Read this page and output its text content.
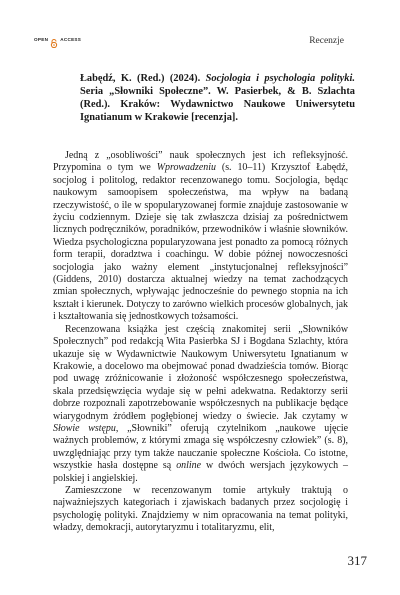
OPEN	ACCESS	Recenzje
Łabędź, K. (Red.) (2024). Socjologia i psychologia polityki. Seria „Słowniki Społeczne”. W. Pasierbek, & B. Szlachta (Red.). Kraków: Wydawnictwo Naukowe Uniwersytetu Ignatianum w Krakowie [recenzja].

Jedną z „osobliwości” nauk społecznych jest ich refleksyjność. Przypomina o tym we Wprowadzeniu (s. 10–11) Krzysztof Łabędź, socjolog i politolog, redaktor recenzowanego tomu. Socjologia, będąc naukowym samoopisem społeczeństwa, ma wpływ na badaną rzeczywistość, o ile w spopularyzowanej formie znajduje zastosowanie w życiu codziennym. Dzieje się tak zwłaszcza dzisiaj za pośrednictwem licznych podręczników, poradników, przewodników i właśnie słowników. Wiedza psychologiczna popularyzowana jest ponadto za pomocą różnych form terapii, doradztwa i coachingu. W dobie późnej nowoczesności socjologia jako ważny element „instytucjonalnej refleksyjności” (Giddens, 2010) dostarcza aktualnej wiedzy na temat zachodzących zmian społecznych, wpływając jednocześnie do pewnego stopnia na ich kształt i kierunek. Dotyczy to zarówno wielkich procesów globalnych, jak i kształtowania się jednostkowych tożsamości.

Recenzowana książka jest częścią znakomitej serii „Słowników Społecznych” pod redakcją Wita Pasierbka SJ i Bogdana Szlachty, która ukazuje się w Wydawnictwie Naukowym Uniwersytetu Ignatianum w Krakowie, a docelowo ma obejmować ponad dwadzieścia tomów. Biorąc pod uwagę zróżnicowanie i złożoność współczesnego społeczeństwa, skala przedsięwzięcia wydaje się w pełni adekwatna. Redaktorzy serii dobrze rozpoznali zapotrzebowanie współczesnych na publikacje będące wiarygodnym źródłem pogłębionej wiedzy o świecie. Jak czytamy w Słowie wstępu, „Słowniki” oferują czytelnikom „naukowe ujęcie ważnych problemów, z którymi zmaga się współczesny człowiek” (s. 8), uwzględniając przy tym także nauczanie społeczne Kościoła. Co istotne, wszystkie hasła dostępne są online w dwóch wersjach językowych – polskiej i angielskiej.

Zamieszczone w recenzowanym tomie artykuły traktują o najważniejszych kategoriach i zjawiskach badanych przez socjologię i psychologię polityki. Znajdziemy w nim opracowania na temat polityki, władzy, demokracji, autorytaryzmu i totalitaryzmu, elit,

317
